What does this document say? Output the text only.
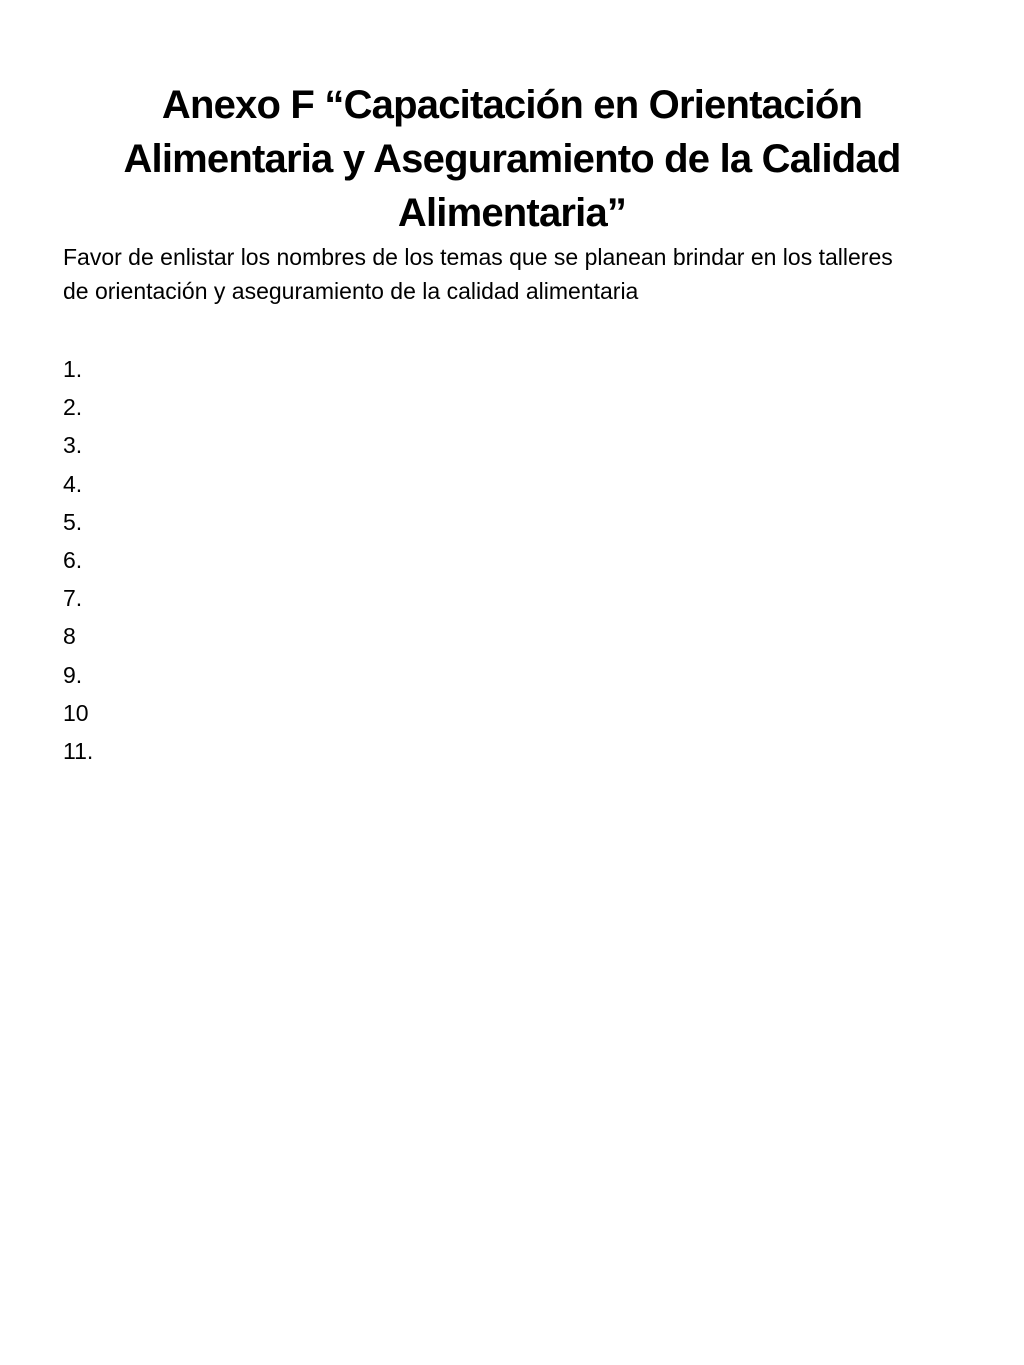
Anexo F “Capacitación en Orientación
Alimentaria y Aseguramiento de la Calidad
Alimentaria”

Favor de enlistar los nombres de los temas que se planean brindar en los talleres
de orientación y aseguramiento de la calidad alimentaria

1.
2.
3.
4.
5.
6.
7.
8
9.
10
11.
